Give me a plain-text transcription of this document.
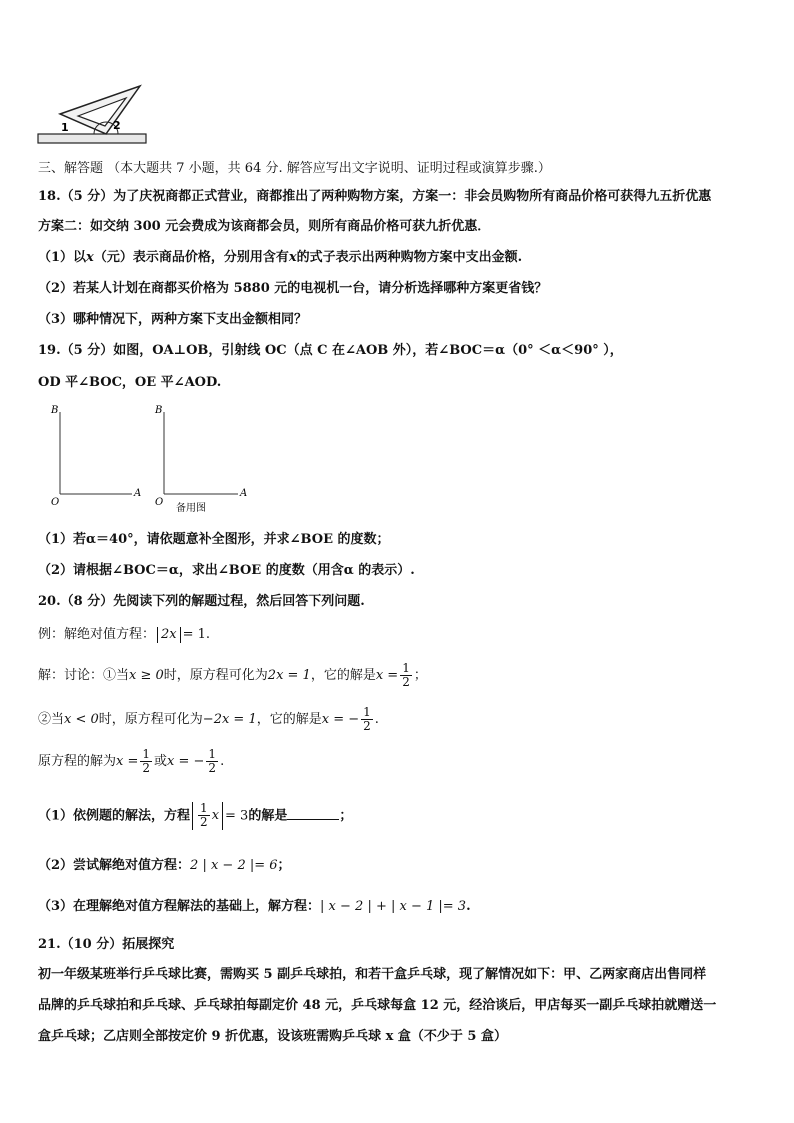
1	2
三、解答题 （本大题共 7 小题，共 64 分. 解答应写出文字说明、证明过程或演算步骤.）
18.（5 分）为了庆祝商都正式营业，商都推出了两种购物方案，方案一：非会员购物所有商品价格可获得九五折优惠
方案二：如交纳 300 元会费成为该商都会员，则所有商品价格可获九折优惠．
（1）以x（元）表示商品价格，分别用含有x的式子表示出两种购物方案中支出金额.
（2）若某人计划在商都买价格为 5880 元的电视机一台，请分析选择哪种方案更省钱？
（3）哪种情况下，两种方案下支出金额相同？
19.（5 分）如图，OA⊥OB，引射线 OC（点 C 在∠AOB 外），若∠BOC＝α（0° ＜α＜90° ），
OD 平∠BOC，OE 平∠AOD.
B
O
A
B
O
A
备用图
（1）若α＝40°，请依题意补全图形，并求∠BOE 的度数；
（2）请根据∠BOC＝α，求出∠BOE 的度数（用含α 的表示）.
20.（8 分）先阅读下列的解题过程，然后回答下列问题.
例：解绝对值方程： 2x = 1.
解：讨论：①当x ≥ 0时，原方程可化为2x = 1，它的解是$x = \frac{1}{2}$ ；
②当x < 0时，原方程可化为−2x = 1，它的解是x = − $\frac{1}{2}$ .
原方程的解为$x = \frac{1}{2}$ 或x = − $\frac{1}{2}$ .
（1）依例题的解法，方程 $\frac{1}{2}$ x = 3的解是	；
（2）尝试解绝对值方程：2 | x − 2 |= 6；
（3）在理解绝对值方程解法的基础上，解方程：| x − 2 | + | x − 1 |= 3.
21.（10 分）拓展探究
初一年级某班举行乒乓球比赛，需购买 5 副乒乓球拍，和若干盒乒乓球，现了解情况如下：甲、乙两家商店出售同样
品牌的乒乓球拍和乒乓球、乒乓球拍每副定价 48 元，乒乓球每盒 12 元，经洽谈后，甲店每买一副乒乓球拍就赠送一
盒乒乓球；乙店则全部按定价 9 折优惠，设该班需购乒乓球 x 盒（不少于 5 盒）
